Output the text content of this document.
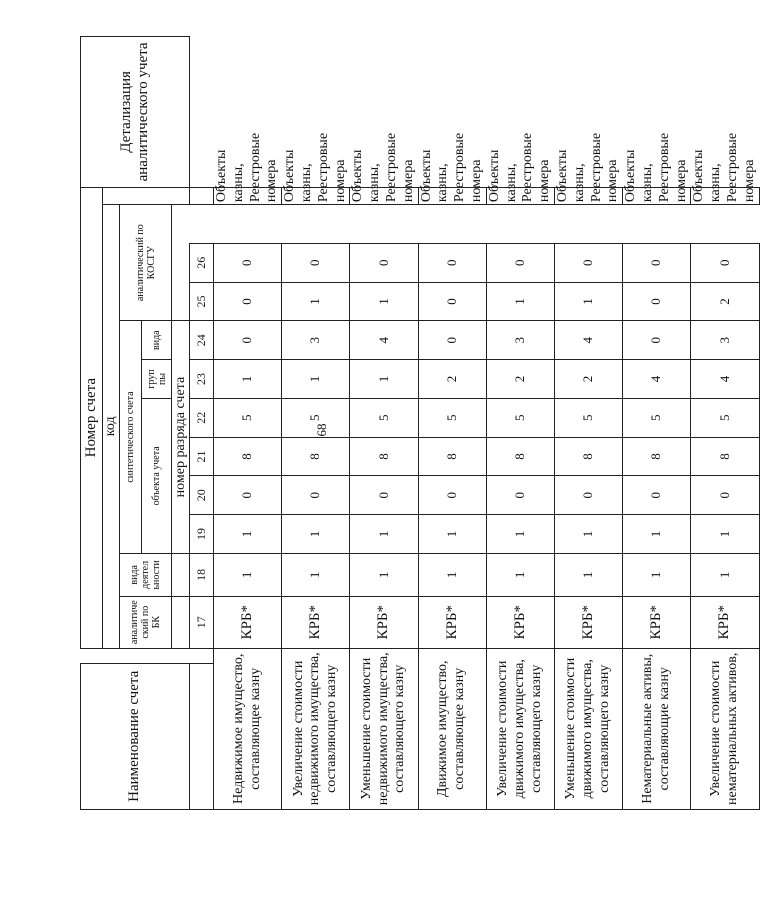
68
Наименование счета		Номер счета												Детализация аналитического учета
		код												
		аналитиче ский по БК	вида деятел ьности	синтетического счета						аналитический по КОСГУ				
				объекта учета				груп пы	вида					

				номер разряда счета										
		17	18	19	20	21	22	23	24	25	26			
Недвижимое имущество, составляющее казну		КРБ*	1	1	0	8	5	1	0	0	0		Объекты казны, Реестровые номера	
Увеличение стоимости недвижимого имущества, составляющего казну		КРБ*	1	1	0	8	5	1	3	1	0		Объекты казны, Реестровые номера	
Уменьшение стоимости недвижимого имущества, составляющего казну		КРБ*	1	1	0	8	5	1	4	1	0		Объекты казны, Реестровые номера	
Движимое имущество, составляющее казну		КРБ*	1	1	0	8	5	2	0	0	0		Объекты казны, Реестровые номера	
Увеличение стоимости движимого имущества, составляющего казну		КРБ*	1	1	0	8	5	2	3	1	0		Объекты казны, Реестровые номера	
Уменьшение стоимости движимого имущества, составляющего казну		КРБ*	1	1	0	8	5	2	4	1	0		Объекты казны, Реестровые номера	
Нематериальные активы, составляющие казну		КРБ*	1	1	0	8	5	4	0	0	0		Объекты казны, Реестровые номера	
Увеличение стоимости нематериальных активов,		КРБ*	1	1	0	8	5	4	3	2	0		Объекты казны, Реестровые номера	
